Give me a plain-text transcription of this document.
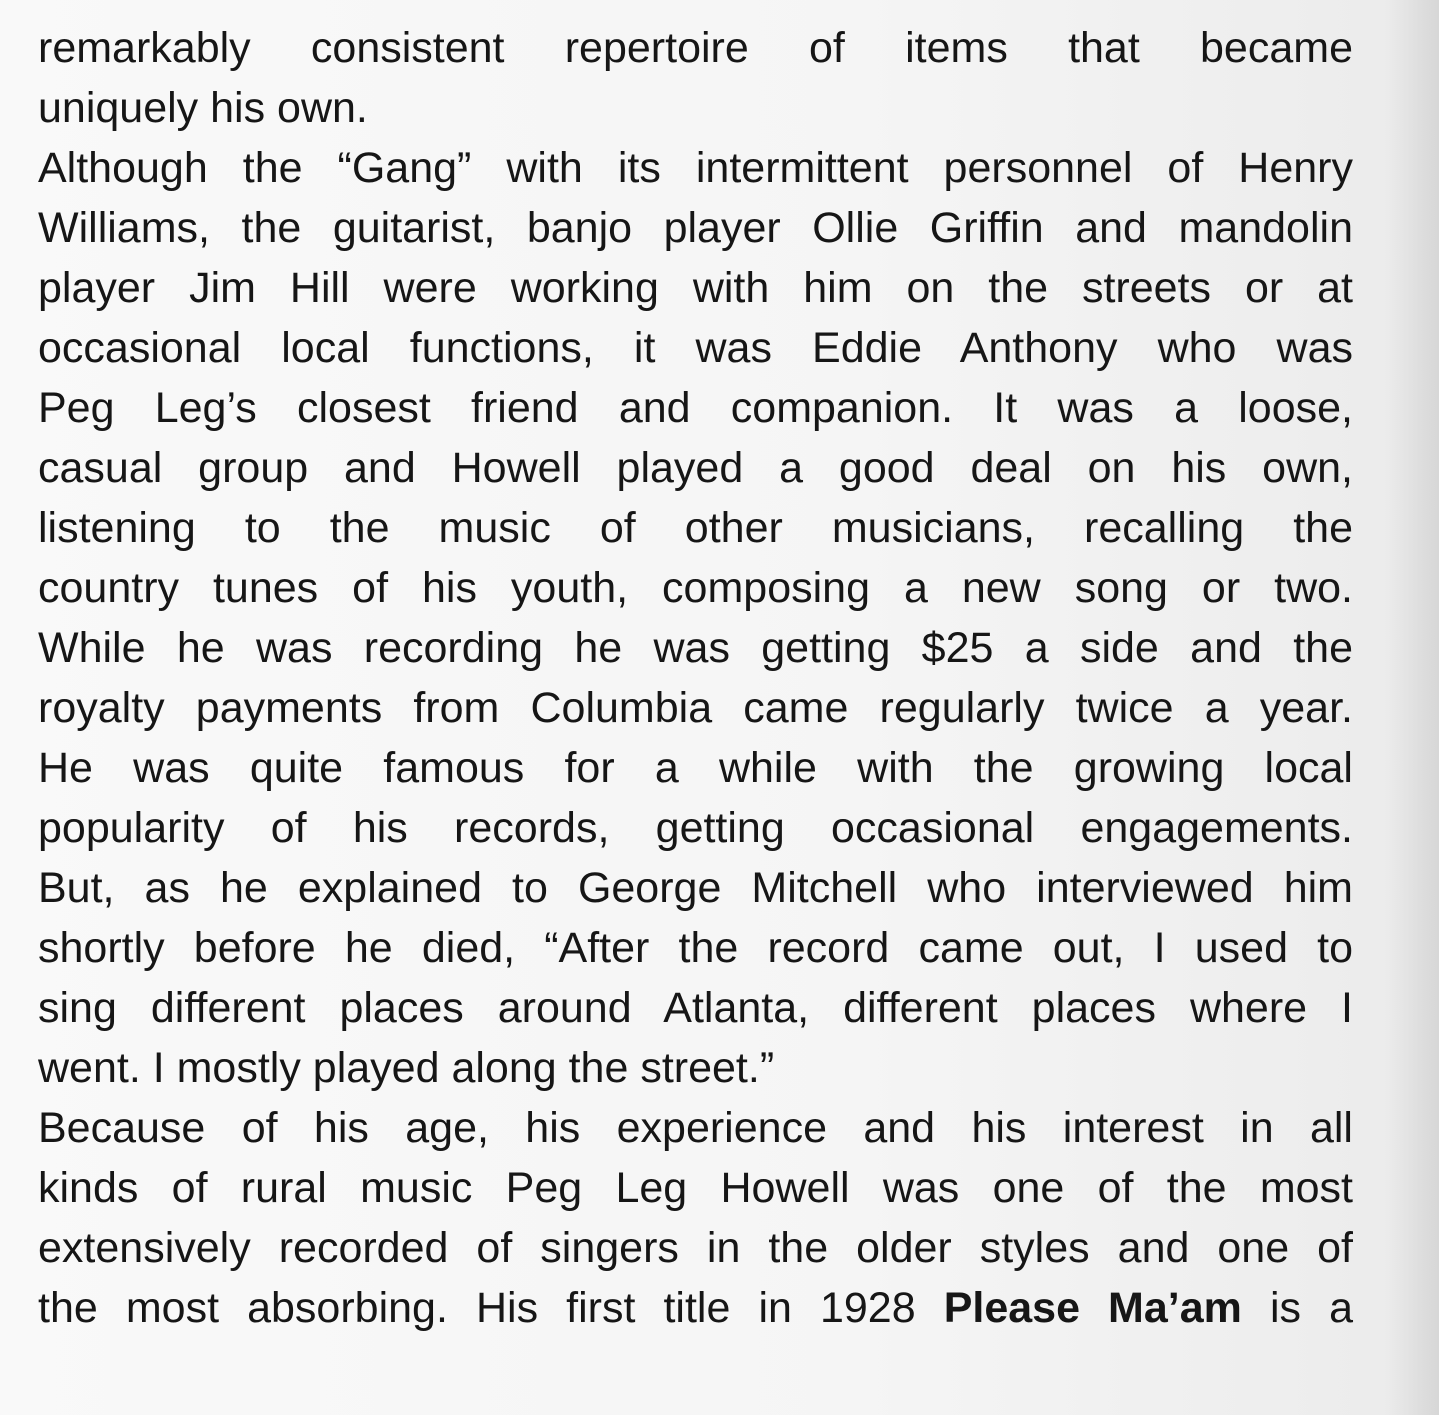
remarkably consistent repertoire of items that became
uniquely his own.
Although the “Gang” with its intermittent personnel of Henry
Williams, the guitarist, banjo player Ollie Griffin and mandolin
player Jim Hill were working with him on the streets or at
occasional local functions, it was Eddie Anthony who was
Peg Leg’s closest friend and companion. It was a loose,
casual group and Howell played a good deal on his own,
listening to the music of other musicians, recalling the
country tunes of his youth, composing a new song or two.
While he was recording he was getting $25 a side and the
royalty payments from Columbia came regularly twice a year.
He was quite famous for a while with the growing local
popularity of his records, getting occasional engagements.
But, as he explained to George Mitchell who interviewed him
shortly before he died, “After the record came out, I used to
sing different places around Atlanta, different places where I
went. I mostly played along the street.”
Because of his age, his experience and his interest in all
kinds of rural music Peg Leg Howell was one of the most
extensively recorded of singers in the older styles and one of
the most absorbing. His first title in 1928 Please Ma’am is a
